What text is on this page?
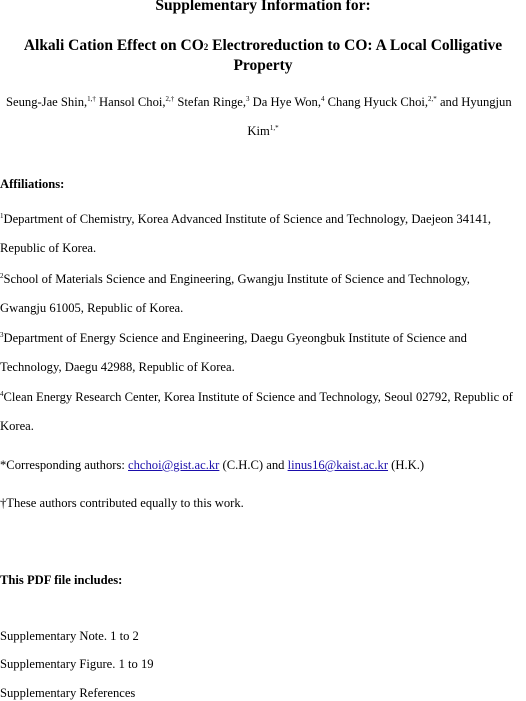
Supplementary Information for:
Alkali Cation Effect on CO2 Electroreduction to CO: A Local Colligative
Property
Seung-Jae Shin,$^{1,\dagger}$ Hansol Choi,$^{2,\dagger}$ Stefan Ringe,$^3$ Da Hye Won,$^4$ Chang Hyuck Choi,$^{2,*}$ and Hyungjun
Kim$^{1,*}$
Affiliations:
$^1$Department of Chemistry, Korea Advanced Institute of Science and Technology, Daejeon 34141,
Republic of Korea.
$^2$School of Materials Science and Engineering, Gwangju Institute of Science and Technology,
Gwangju 61005, Republic of Korea.
$^3$Department of Energy Science and Engineering, Daegu Gyeongbuk Institute of Science and
Technology, Daegu 42988, Republic of Korea.
$^4$Clean Energy Research Center, Korea Institute of Science and Technology, Seoul 02792, Republic of
Korea.
*Corresponding authors: chchoi@gist.ac.kr (C.H.C) and linus16@kaist.ac.kr (H.K.)
†These authors contributed equally to this work.
This PDF file includes:
Supplementary Note. 1 to 2
Supplementary Figure. 1 to 19
Supplementary References
